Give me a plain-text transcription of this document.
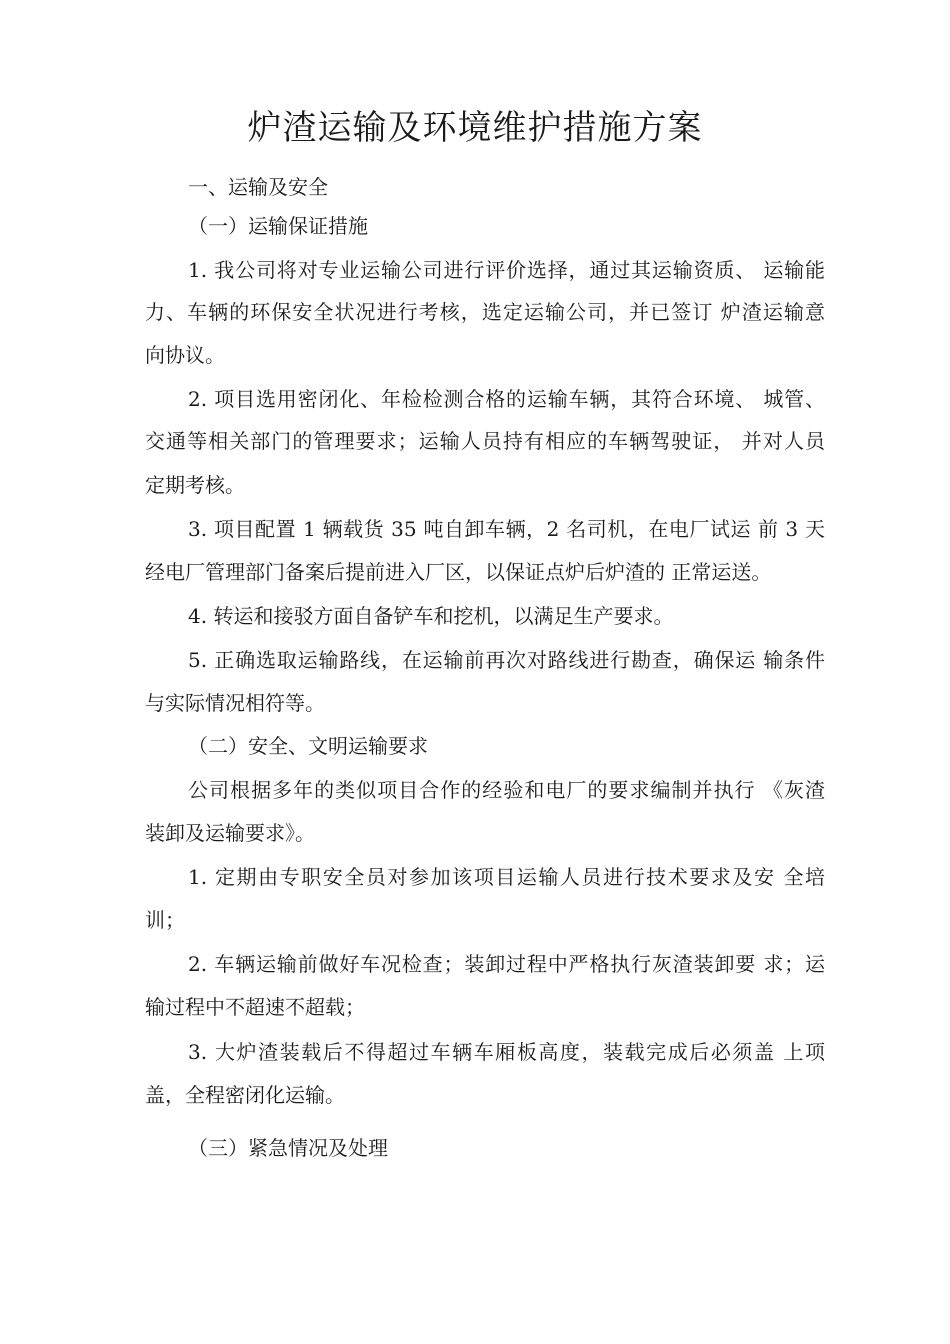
炉渣运输及环境维护措施方案

一、运输及安全

（一）运输保证措施

1. 我公司将对专业运输公司进行评价选择，通过其运输资质、 运输能

力、车辆的环保安全状况进行考核，选定运输公司，并已签订 炉渣运输意

向协议。

2. 项目选用密闭化、年检检测合格的运输车辆，其符合环境、 城管、

交通等相关部门的管理要求；运输人员持有相应的车辆驾驶证， 并对人员

定期考核。

3. 项目配置 1 辆载货 35 吨自卸车辆，2 名司机，在电厂试运 前 3 天

经电厂管理部门备案后提前进入厂区，以保证点炉后炉渣的 正常运送。

4. 转运和接驳方面自备铲车和挖机，以满足生产要求。

5. 正确选取运输路线，在运输前再次对路线进行勘查，确保运 输条件

与实际情况相符等。

（二）安全、文明运输要求

公司根据多年的类似项目合作的经验和电厂的要求编制并执行 《灰渣

装卸及运输要求》。

1. 定期由专职安全员对参加该项目运输人员进行技术要求及安 全培

训；

2. 车辆运输前做好车况检查；装卸过程中严格执行灰渣装卸要 求；运

输过程中不超速不超载；

3. 大炉渣装载后不得超过车辆车厢板高度，装载完成后必须盖 上项

盖，全程密闭化运输。

（三）紧急情况及处理
